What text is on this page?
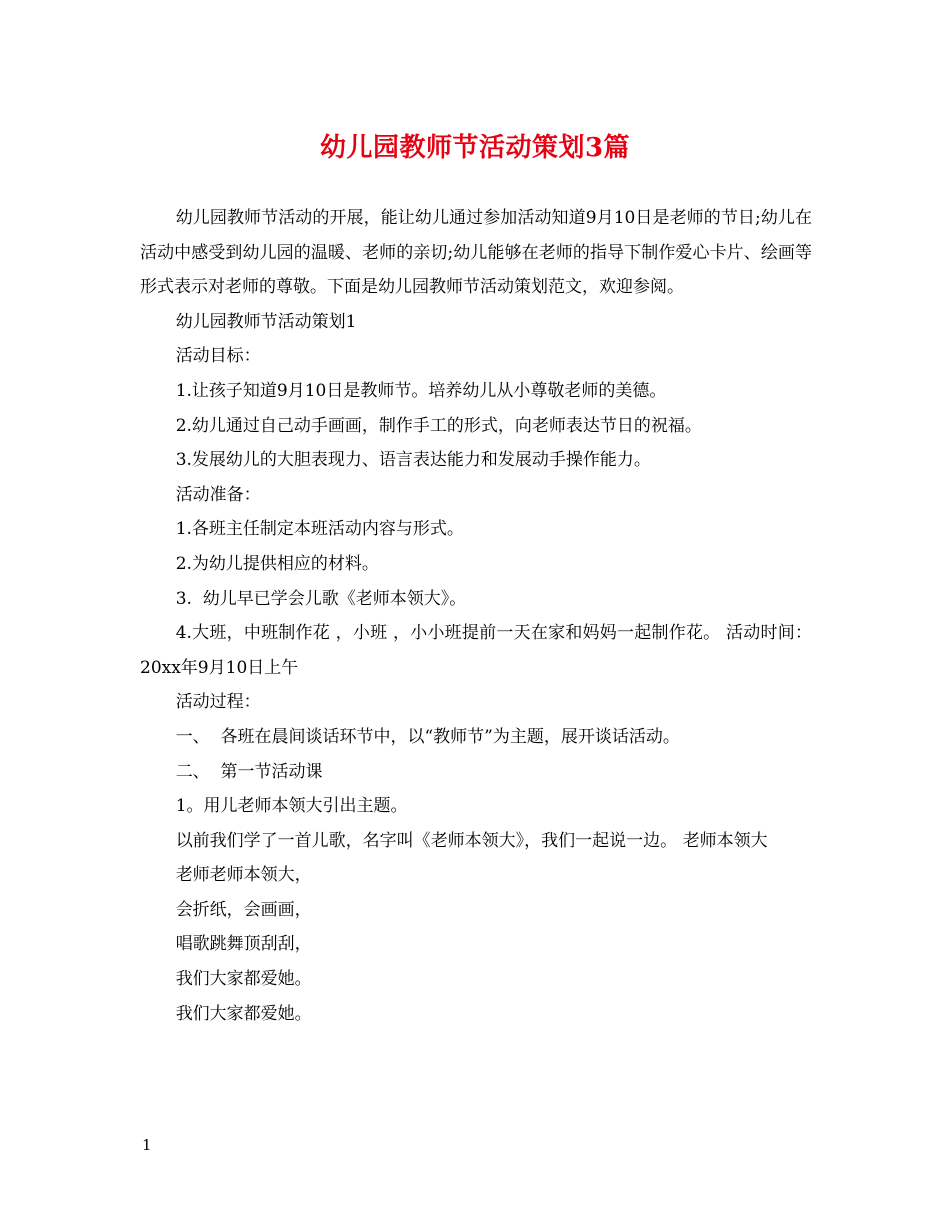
幼儿园教师节活动策划3篇

幼儿园教师节活动的开展，能让幼儿通过参加活动知道9月10日是老师的节日;幼儿在活动中感受到幼儿园的温暖、老师的亲切;幼儿能够在老师的指导下制作爱心卡片、绘画等形式表示对老师的尊敬。下面是幼儿园教师节活动策划范文，欢迎参阅。

幼儿园教师节活动策划1

活动目标：

1.让孩子知道9月10日是教师节。培养幼儿从小尊敬老师的美德。

2.幼儿通过自己动手画画，制作手工的形式，向老师表达节日的祝福。

3.发展幼儿的大胆表现力、语言表达能力和发展动手操作能力。

活动准备：

1.各班主任制定本班活动内容与形式。

2.为幼儿提供相应的材料。

3.  幼儿早已学会儿歌《老师本领大》。

4.大班，中班制作花 ，小班 ，小小班提前一天在家和妈妈一起制作花。 活动时间：20xx年9月10日上午

活动过程：

一、  各班在晨间谈话环节中，以“教师节”为主题，展开谈话活动。

二、  第一节活动课

1。用儿老师本领大引出主题。

以前我们学了一首儿歌，名字叫《老师本领大》，我们一起说一边。 老师本领大

老师老师本领大，

会折纸，会画画，

唱歌跳舞顶刮刮，

我们大家都爱她。

我们大家都爱她。

1
